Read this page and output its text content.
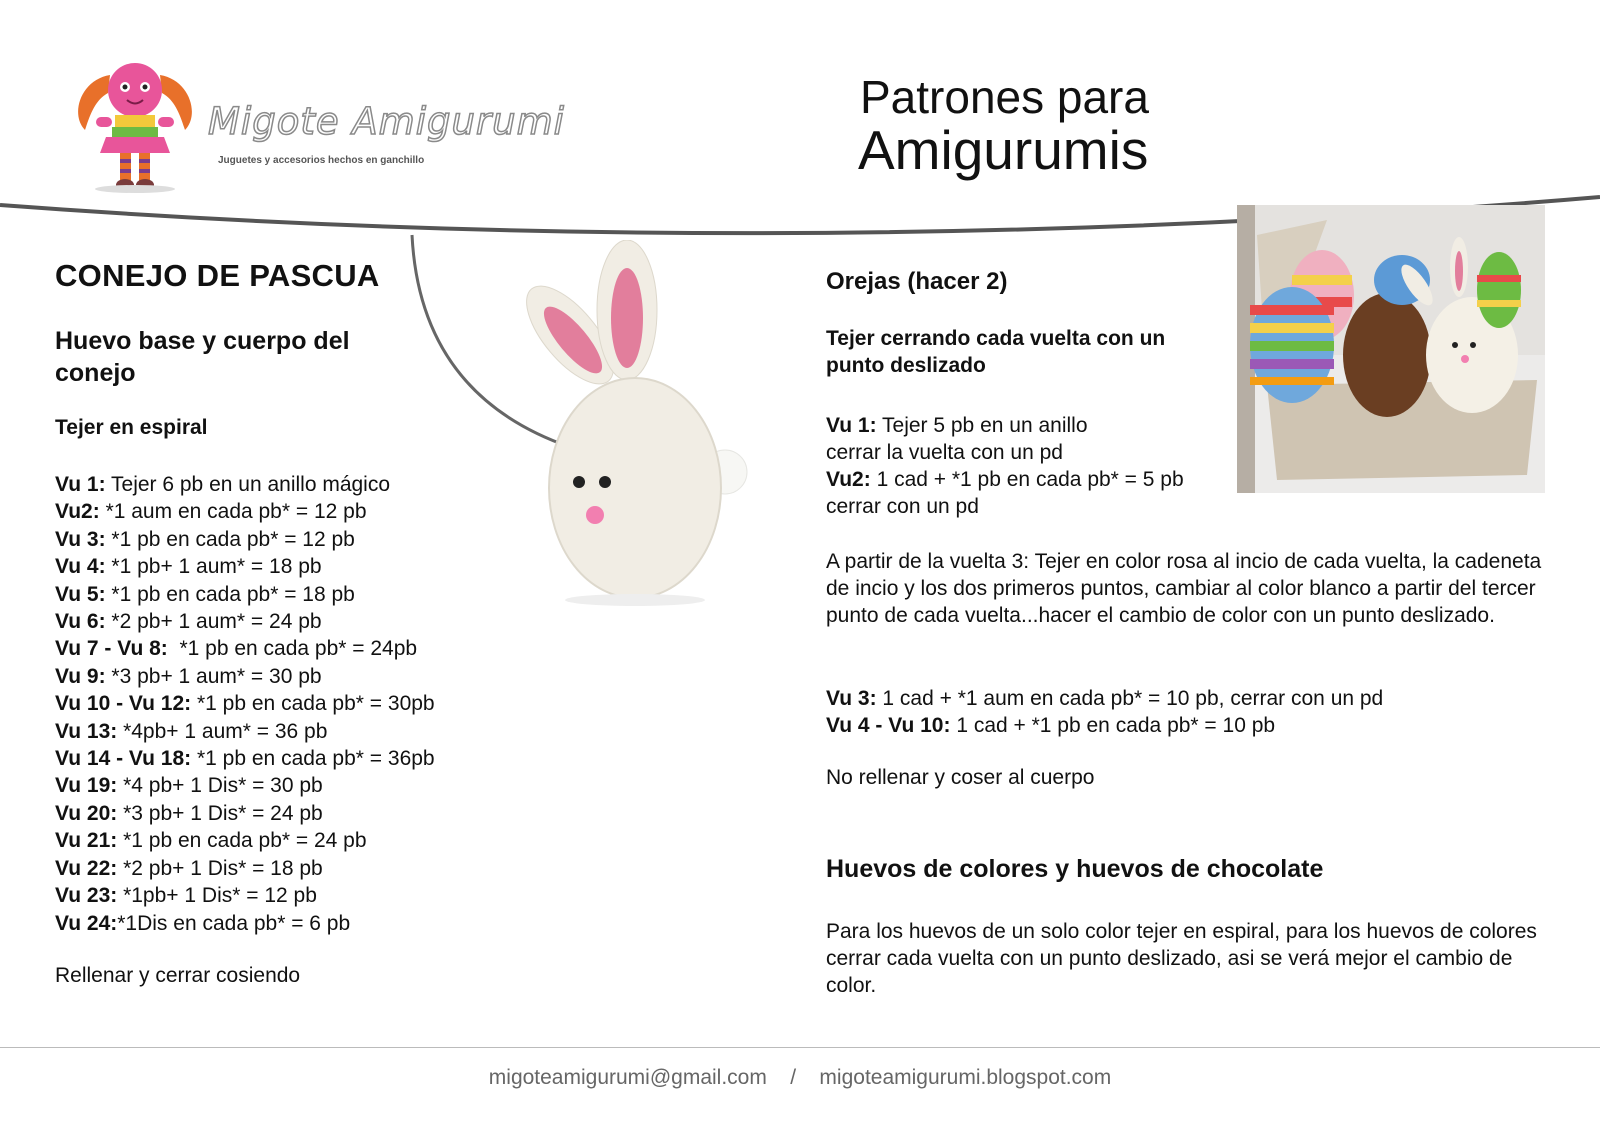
Migote Amigurumi
Juguetes y accesorios hechos en ganchillo
Patrones para
Amigurumis
CONEJO DE PASCUA
Huevo base y cuerpo del conejo
Tejer en espiral
Vu 1: Tejer 6 pb en un anillo mágico
Vu2: *1 aum en cada pb* = 12 pb
Vu 3: *1 pb en cada pb* = 12 pb
Vu 4: *1 pb+ 1 aum* = 18 pb
Vu 5: *1 pb en cada pb* = 18 pb
Vu 6: *2 pb+ 1 aum* = 24 pb
Vu 7 - Vu 8:  *1 pb en cada pb* = 24pb
Vu 9: *3 pb+ 1 aum* = 30 pb
Vu 10 - Vu 12: *1 pb en cada pb* = 30pb
Vu 13: *4pb+ 1 aum* = 36 pb
Vu 14 - Vu 18: *1 pb en cada pb* = 36pb
Vu 19: *4 pb+ 1 Dis* = 30 pb
Vu 20: *3 pb+ 1 Dis* = 24 pb
Vu 21: *1 pb en cada pb* = 24 pb
Vu 22: *2 pb+ 1 Dis* = 18 pb
Vu 23: *1pb+ 1 Dis* = 12 pb
Vu 24:*1Dis en cada pb* = 6 pb
Rellenar y cerrar cosiendo
Orejas (hacer 2)
Tejer cerrando cada vuelta con un punto deslizado
Vu 1: Tejer 5 pb en un anillo
cerrar la vuelta con un pd
Vu2: 1 cad + *1 pb en cada pb* = 5 pb
cerrar con un pd
A partir de la vuelta 3: Tejer en color rosa al incio de cada vuelta, la cadeneta de incio y los dos primeros puntos, cambiar al color blanco a partir del tercer punto de cada vuelta...hacer el cambio de color con un punto deslizado.
Vu 3: 1 cad + *1 aum en cada pb* = 10 pb, cerrar con un pd
Vu 4 - Vu 10: 1 cad + *1 pb en cada pb* = 10 pb
No rellenar y coser al cuerpo
Huevos de colores y huevos de chocolate
Para los huevos de un solo color tejer en espiral, para los huevos de colores cerrar cada vuelta con un punto deslizado, asi se verá mejor el cambio de color.
migoteamigurumi@gmail.com / migoteamigurumi.blogspot.com
